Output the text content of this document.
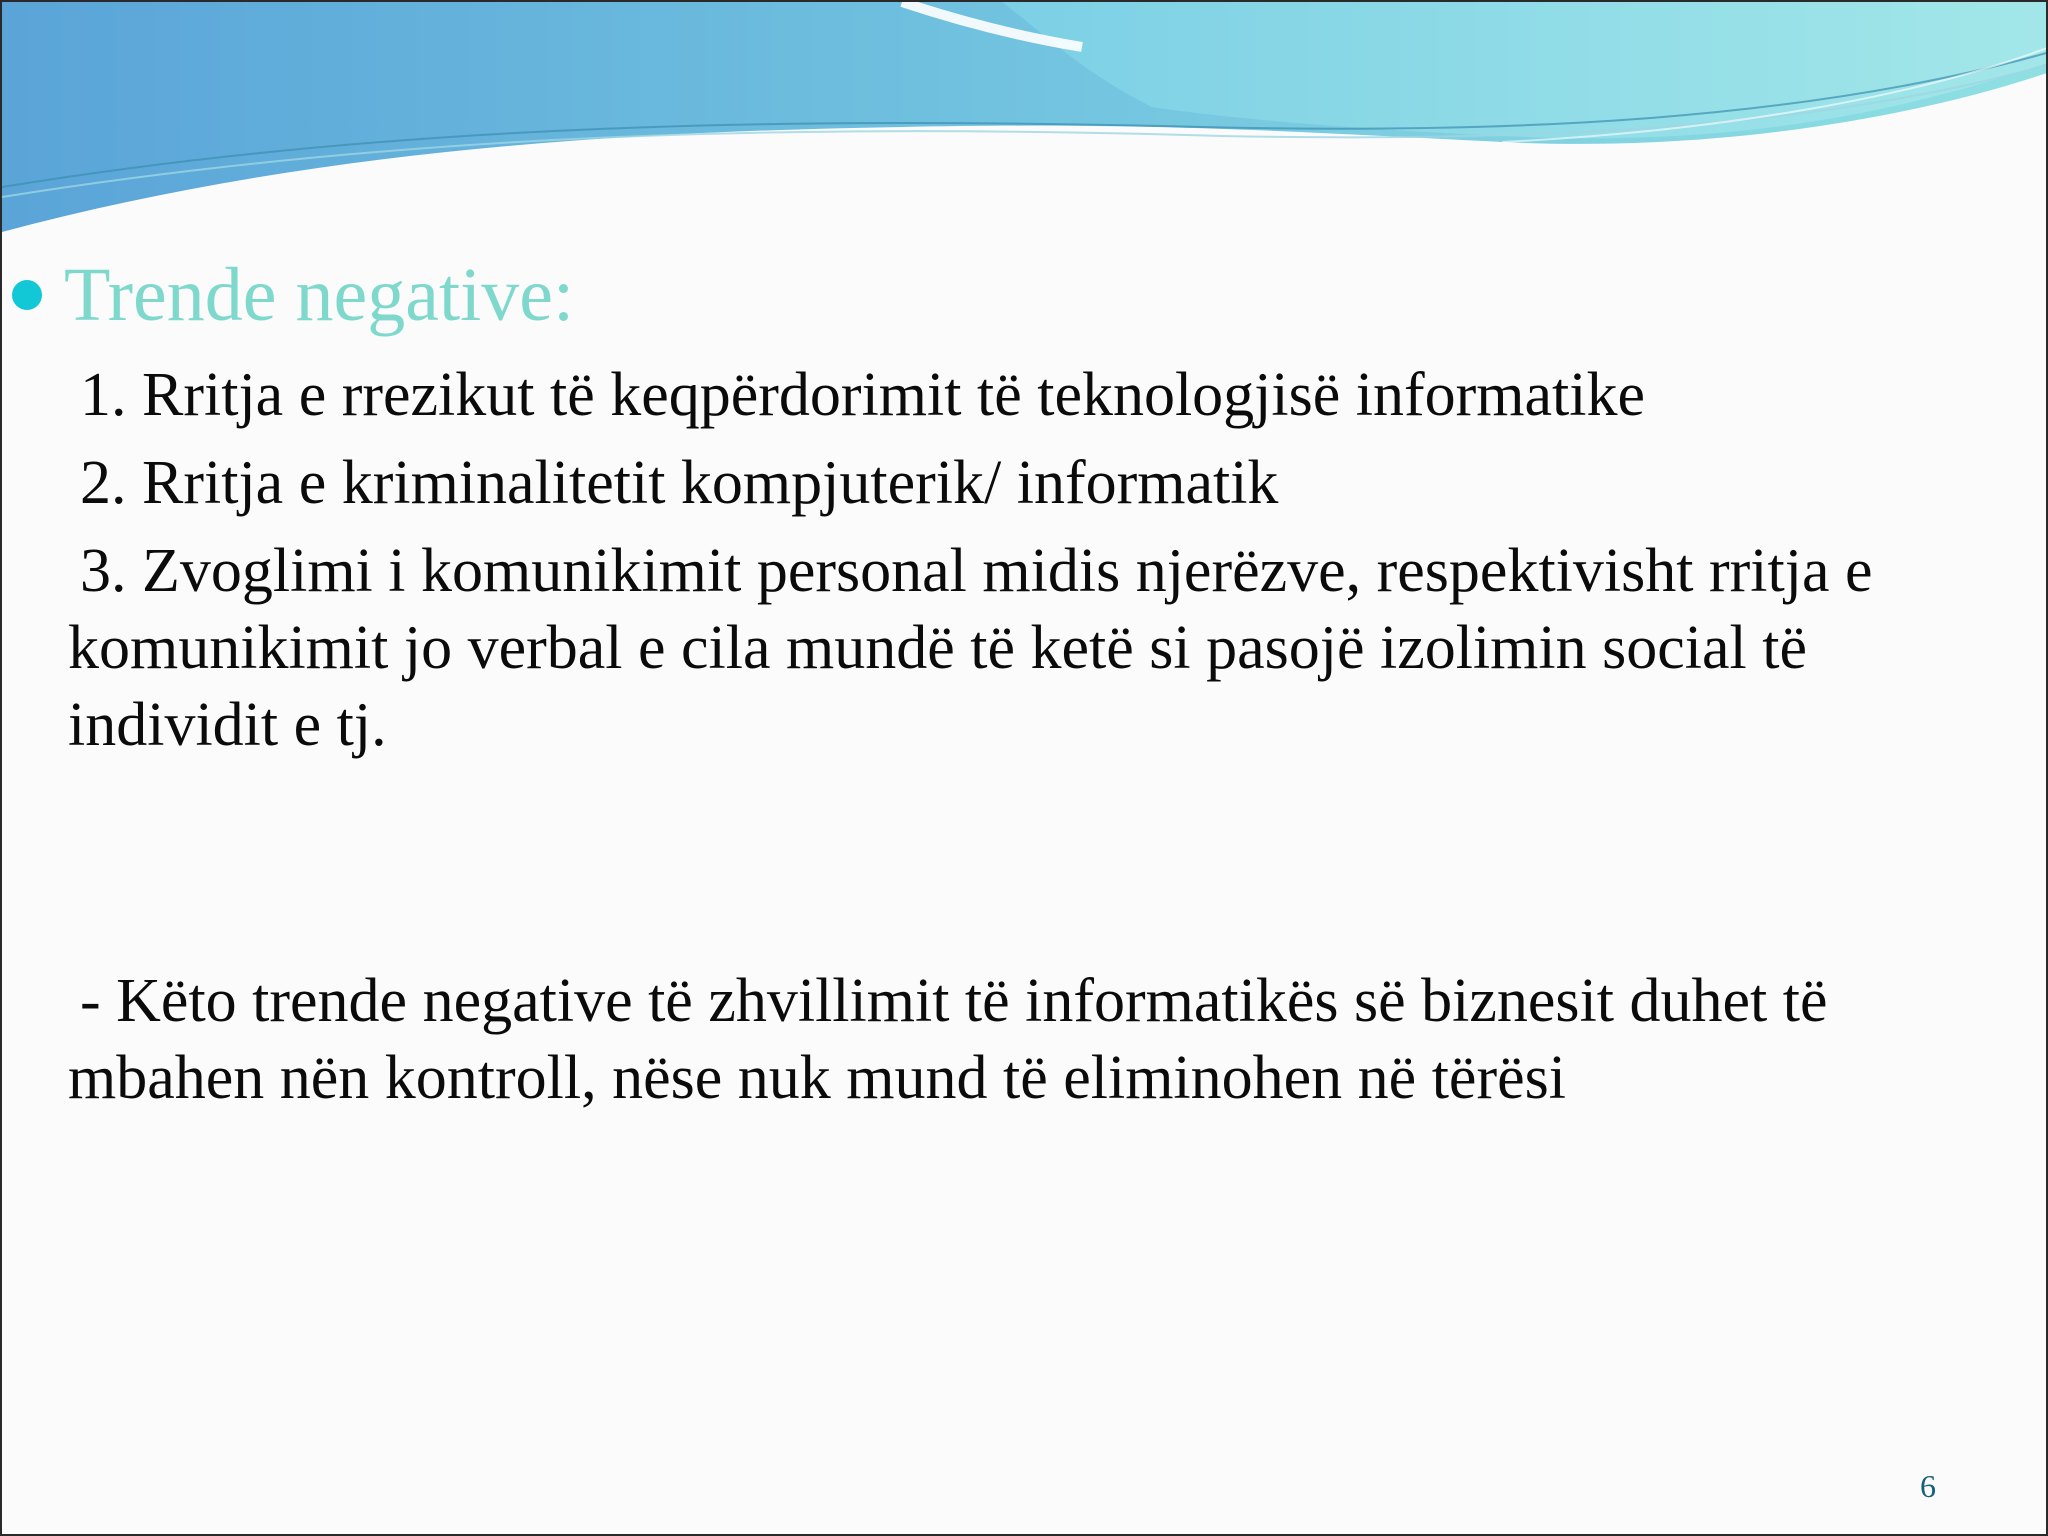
Trende negative:

1. Rritja e rrezikut të keqpërdorimit të teknologjisë informatike

2. Rritja e kriminalitetit kompjuterik/ informatik

3. Zvoglimi i komunikimit personal midis njerëzve, respektivisht rritja e komunikimit jo verbal e cila mundë të ketë si pasojë izolimin social të individit e tj.

- Këto trende negative të zhvillimit të informatikës së biznesit duhet të mbahen nën kontroll, nëse nuk mund të eliminohen në tërësi

6
